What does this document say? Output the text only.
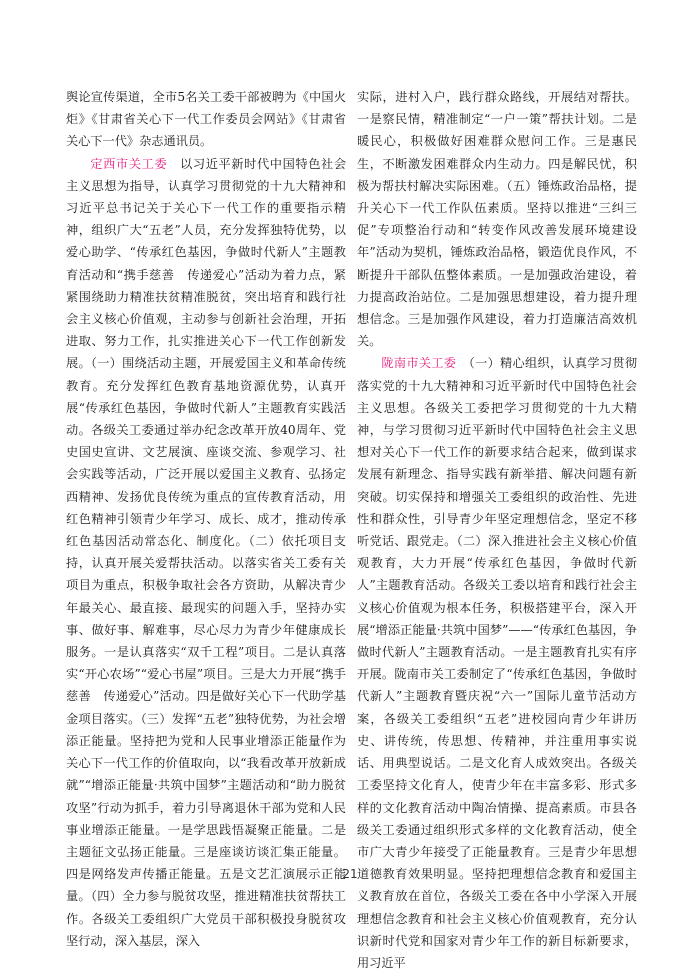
舆论宣传渠道，全市5名关工委干部被聘为《中国火炬》《甘肃省关心下一代工作委员会网站》《甘肃省关心下一代》杂志通讯员。

定西市关工委　 以习近平新时代中国特色社会主义思想为指导，认真学习贯彻党的十九大精神和习近平总书记关于关心下一代工作的重要指示精神，组织广大“五老”人员，充分发挥独特优势，以爱心助学、“传承红色基因，争做时代新人”主题教育活动和“携手慈善　传递爱心”活动为着力点，紧紧围绕助力精准扶贫精准脱贫，突出培育和践行社会主义核心价值观，主动参与创新社会治理，开拓进取、努力工作，扎实推进关心下一代工作创新发展。（一）围绕活动主题，开展爱国主义和革命传统教育。充分发挥红色教育基地资源优势，认真开展“传承红色基因，争做时代新人”主题教育实践活动。各级关工委通过举办纪念改革开放40周年、党史国史宣讲、文艺展演、座谈交流、参观学习、社会实践等活动，广泛开展以爱国主义教育、弘扬定西精神、发扬优良传统为重点的宣传教育活动，用红色精神引领青少年学习、成长、成才，推动传承红色基因活动常态化、制度化。（二）依托项目支持，认真开展关爱帮扶活动。以落实省关工委有关项目为重点，积极争取社会各方资助，从解决青少年最关心、最直接、最现实的问题入手，坚持办实事、做好事、解难事，尽心尽力为青少年健康成长服务。一是认真落实“双千工程”项目。二是认真落实“开心农场”“爱心书屋”项目。三是大力开展“携手慈善　传递爱心”活动。四是做好关心下一代助学基金项目落实。（三）发挥“五老”独特优势，为社会增添正能量。坚持把为党和人民事业增添正能量作为关心下一代工作的价值取向，以“我看改革开放新成就”“增添正能量·共筑中国梦”主题活动和“助力脱贫攻坚”行动为抓手，着力引导离退休干部为党和人民事业增添正能量。一是学思践悟凝聚正能量。二是主题征文弘扬正能量。三是座谈访谈汇集正能量。四是网络发声传播正能量。五是文艺汇演展示正能量。（四）全力参与脱贫攻坚，推进精准扶贫帮扶工作。各级关工委组织广大党员干部积极投身脱贫攻坚行动，深入基层，深入

实际，进村入户，践行群众路线，开展结对帮扶。一是察民情，精准制定“一户一策”帮扶计划。二是暖民心，积极做好困难群众慰问工作。三是惠民生，不断激发困难群众内生动力。四是解民忧，积极为帮扶村解决实际困难。（五）锤炼政治品格，提升关心下一代工作队伍素质。坚持以推进“三纠三促”专项整治行动和“转变作风改善发展环境建设年”活动为契机，锤炼政治品格，锻造优良作风，不断提升干部队伍整体素质。一是加强政治建设，着力提高政治站位。二是加强思想建设，着力提升理想信念。三是加强作风建设，着力打造廉洁高效机关。

陇南市关工委　 （一）精心组织，认真学习贯彻落实党的十九大精神和习近平新时代中国特色社会主义思想。各级关工委把学习贯彻党的十九大精神，与学习贯彻习近平新时代中国特色社会主义思想对关心下一代工作的新要求结合起来，做到谋求发展有新理念、指导实践有新举措、解决问题有新突破。切实保持和增强关工委组织的政治性、先进性和群众性，引导青少年坚定理想信念，坚定不移听党话、跟党走。（二）深入推进社会主义核心价值观教育，大力开展“传承红色基因，争做时代新人”主题教育活动。各级关工委以培育和践行社会主义核心价值观为根本任务，积极搭建平台，深入开展“增添正能量·共筑中国梦”——“传承红色基因，争做时代新人”主题教育活动。一是主题教育扎实有序开展。陇南市关工委制定了“传承红色基因，争做时代新人”主题教育暨庆祝“六一”国际儿童节活动方案，各级关工委组织“五老”进校园向青少年讲历史、讲传统，传思想、传精神，并注重用事实说话、用典型说话。二是文化育人成效突出。各级关工委坚持文化育人，使青少年在丰富多彩、形式多样的文化教育活动中陶冶情操、提高素质。市县各级关工委通过组织形式多样的文化教育活动，使全市广大青少年接受了正能量教育。三是青少年思想道德教育效果明显。坚持把理想信念教育和爱国主义教育放在首位，各级关工委在各中小学深入开展理想信念教育和社会主义核心价值观教育，充分认识新时代党和国家对青少年工作的新目标新要求，用习近平

21
